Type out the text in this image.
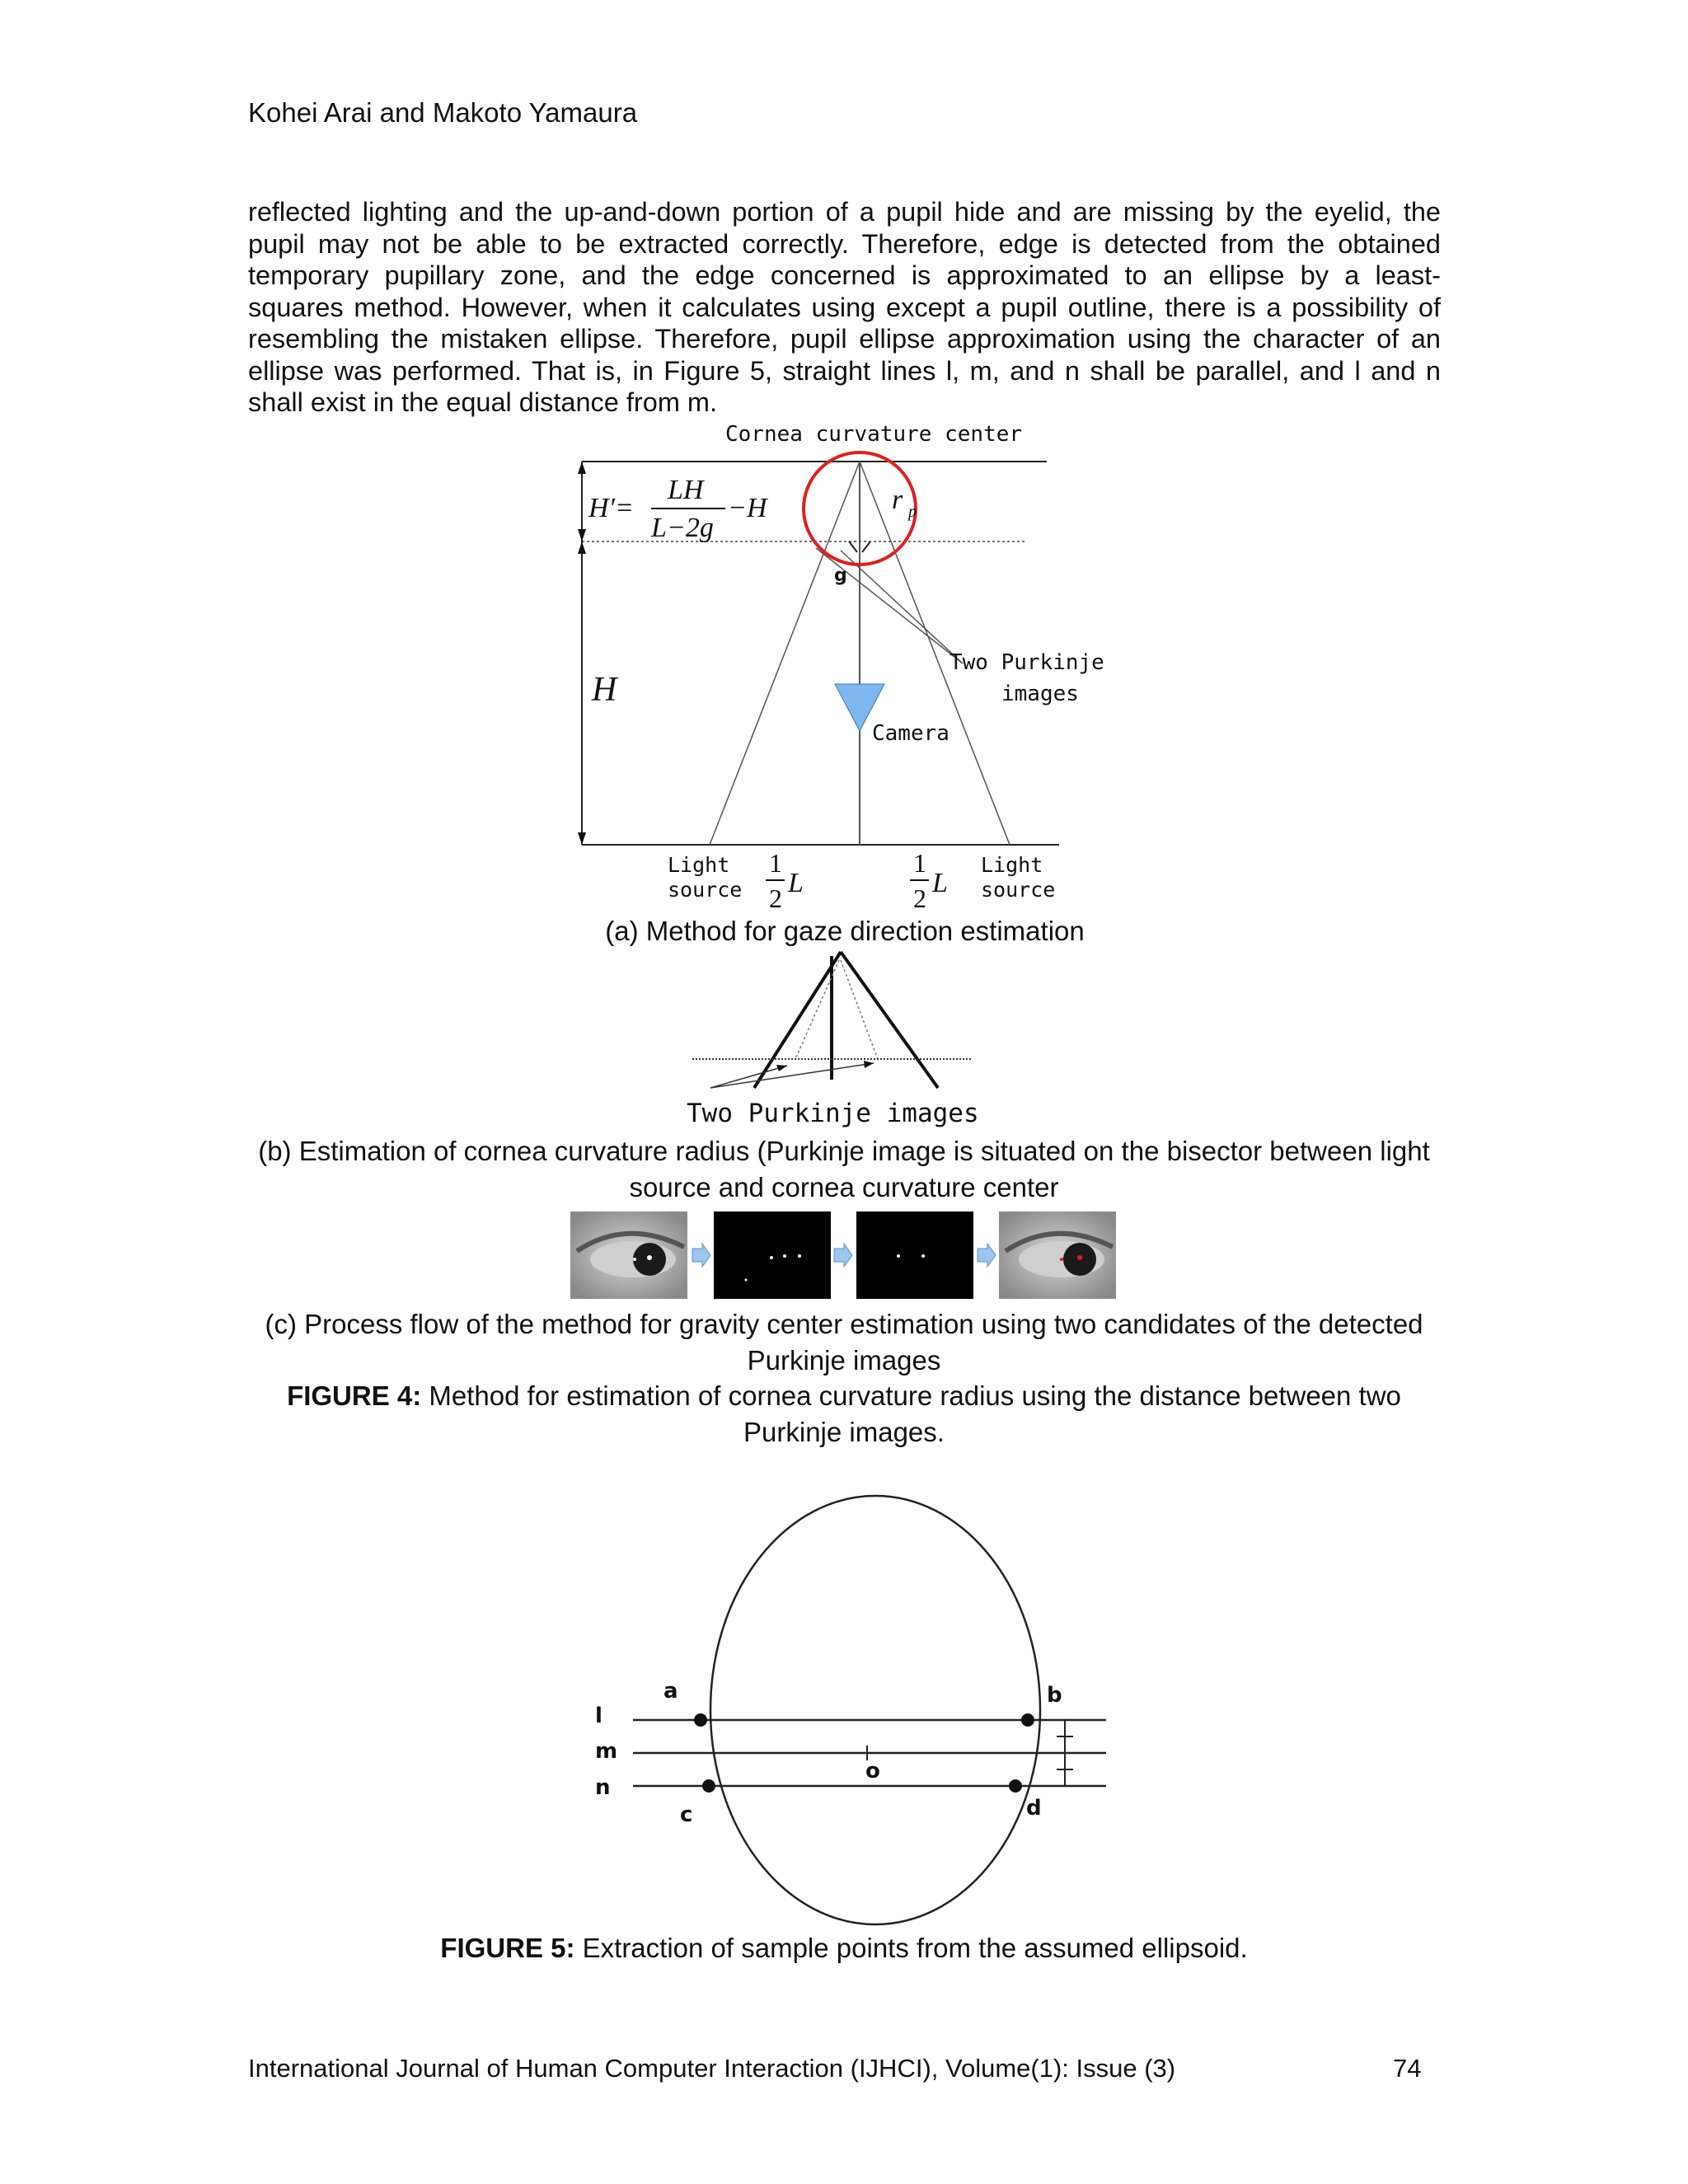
Kohei Arai and Makoto Yamaura
reflected lighting and the up-and-down portion of a pupil hide and are missing by the eyelid, the
pupil may not be able to be extracted correctly. Therefore, edge is detected from the obtained
temporary pupillary zone, and the edge concerned is approximated to an ellipse by a least-
squares method. However, when it calculates using except a pupil outline, there is a possibility of
resembling the mistaken ellipse. Therefore, pupil ellipse approximation using the character of an
ellipse was performed. That is, in Figure 5, straight lines l, m, and n shall be parallel, and l and n
shall exist in the equal distance from m.
Cornea curvature center
H′=
LH
L−2g
−H	r p
g
Two Purkinje
images
H
Camera
Light
source
1
2 L
1
2 L
Light
source
(a) Method for gaze direction estimation
Two Purkinje images
(b) Estimation of cornea curvature radius (Purkinje image is situated on the bisector between light
source and cornea curvature center
(c) Process flow of the method for gravity center estimation using two candidates of the detected
Purkinje images
FIGURE 4: Method for estimation of cornea curvature radius using the distance between two
Purkinje images.
l
m
n
a	b
c	d
o
FIGURE 5: Extraction of sample points from the assumed ellipsoid.
International Journal of Human Computer Interaction (IJHCI), Volume(1): Issue (3)	74
